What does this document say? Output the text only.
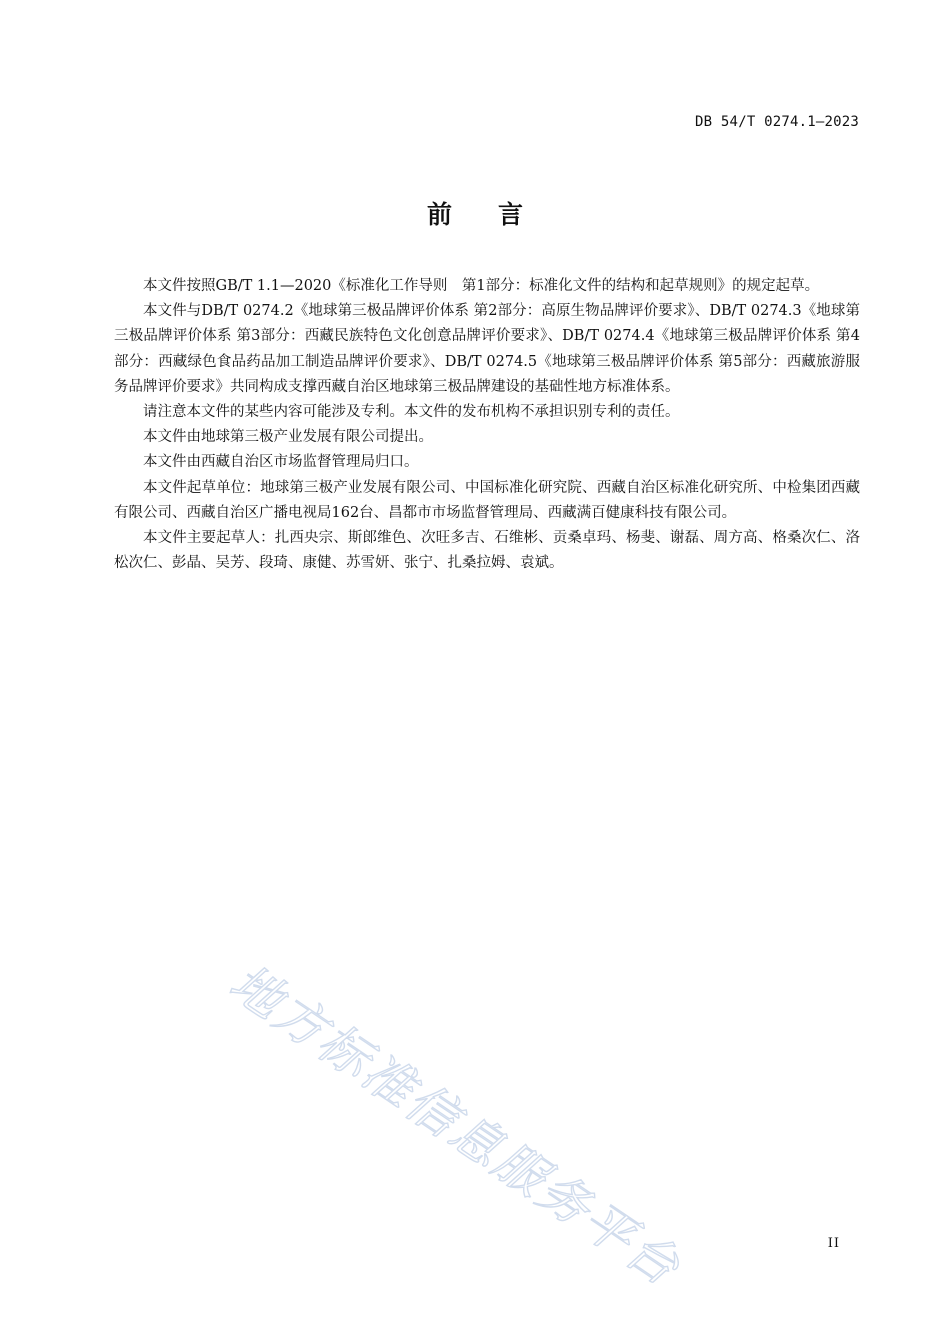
DB 54/T 0274.1—2023
前言

本文件按照GB/T 1.1—2020《标准化工作导则　第1部分：标准化文件的结构和起草规则》的规定起草。

本文件与DB/T 0274.2《地球第三极品牌评价体系 第2部分：高原生物品牌评价要求》、DB/T 0274.3《地球第三极品牌评价体系 第3部分：西藏民族特色文化创意品牌评价要求》、DB/T 0274.4《地球第三极品牌评价体系 第4部分：西藏绿色食品药品加工制造品牌评价要求》、DB/T 0274.5《地球第三极品牌评价体系 第5部分：西藏旅游服务品牌评价要求》共同构成支撑西藏自治区地球第三极品牌建设的基础性地方标准体系。

请注意本文件的某些内容可能涉及专利。本文件的发布机构不承担识别专利的责任。

本文件由地球第三极产业发展有限公司提出。

本文件由西藏自治区市场监督管理局归口。

本文件起草单位：地球第三极产业发展有限公司、中国标准化研究院、西藏自治区标准化研究所、中检集团西藏有限公司、西藏自治区广播电视局162台、昌都市市场监督管理局、西藏满百健康科技有限公司。

本文件主要起草人：扎西央宗、斯郎维色、次旺多吉、石维彬、贡桑卓玛、杨斐、谢磊、周方高、格桑次仁、洛松次仁、彭晶、吴芳、段琦、康健、苏雪妍、张宁、扎桑拉姆、袁斌。

地方标准信息服务平台	II
